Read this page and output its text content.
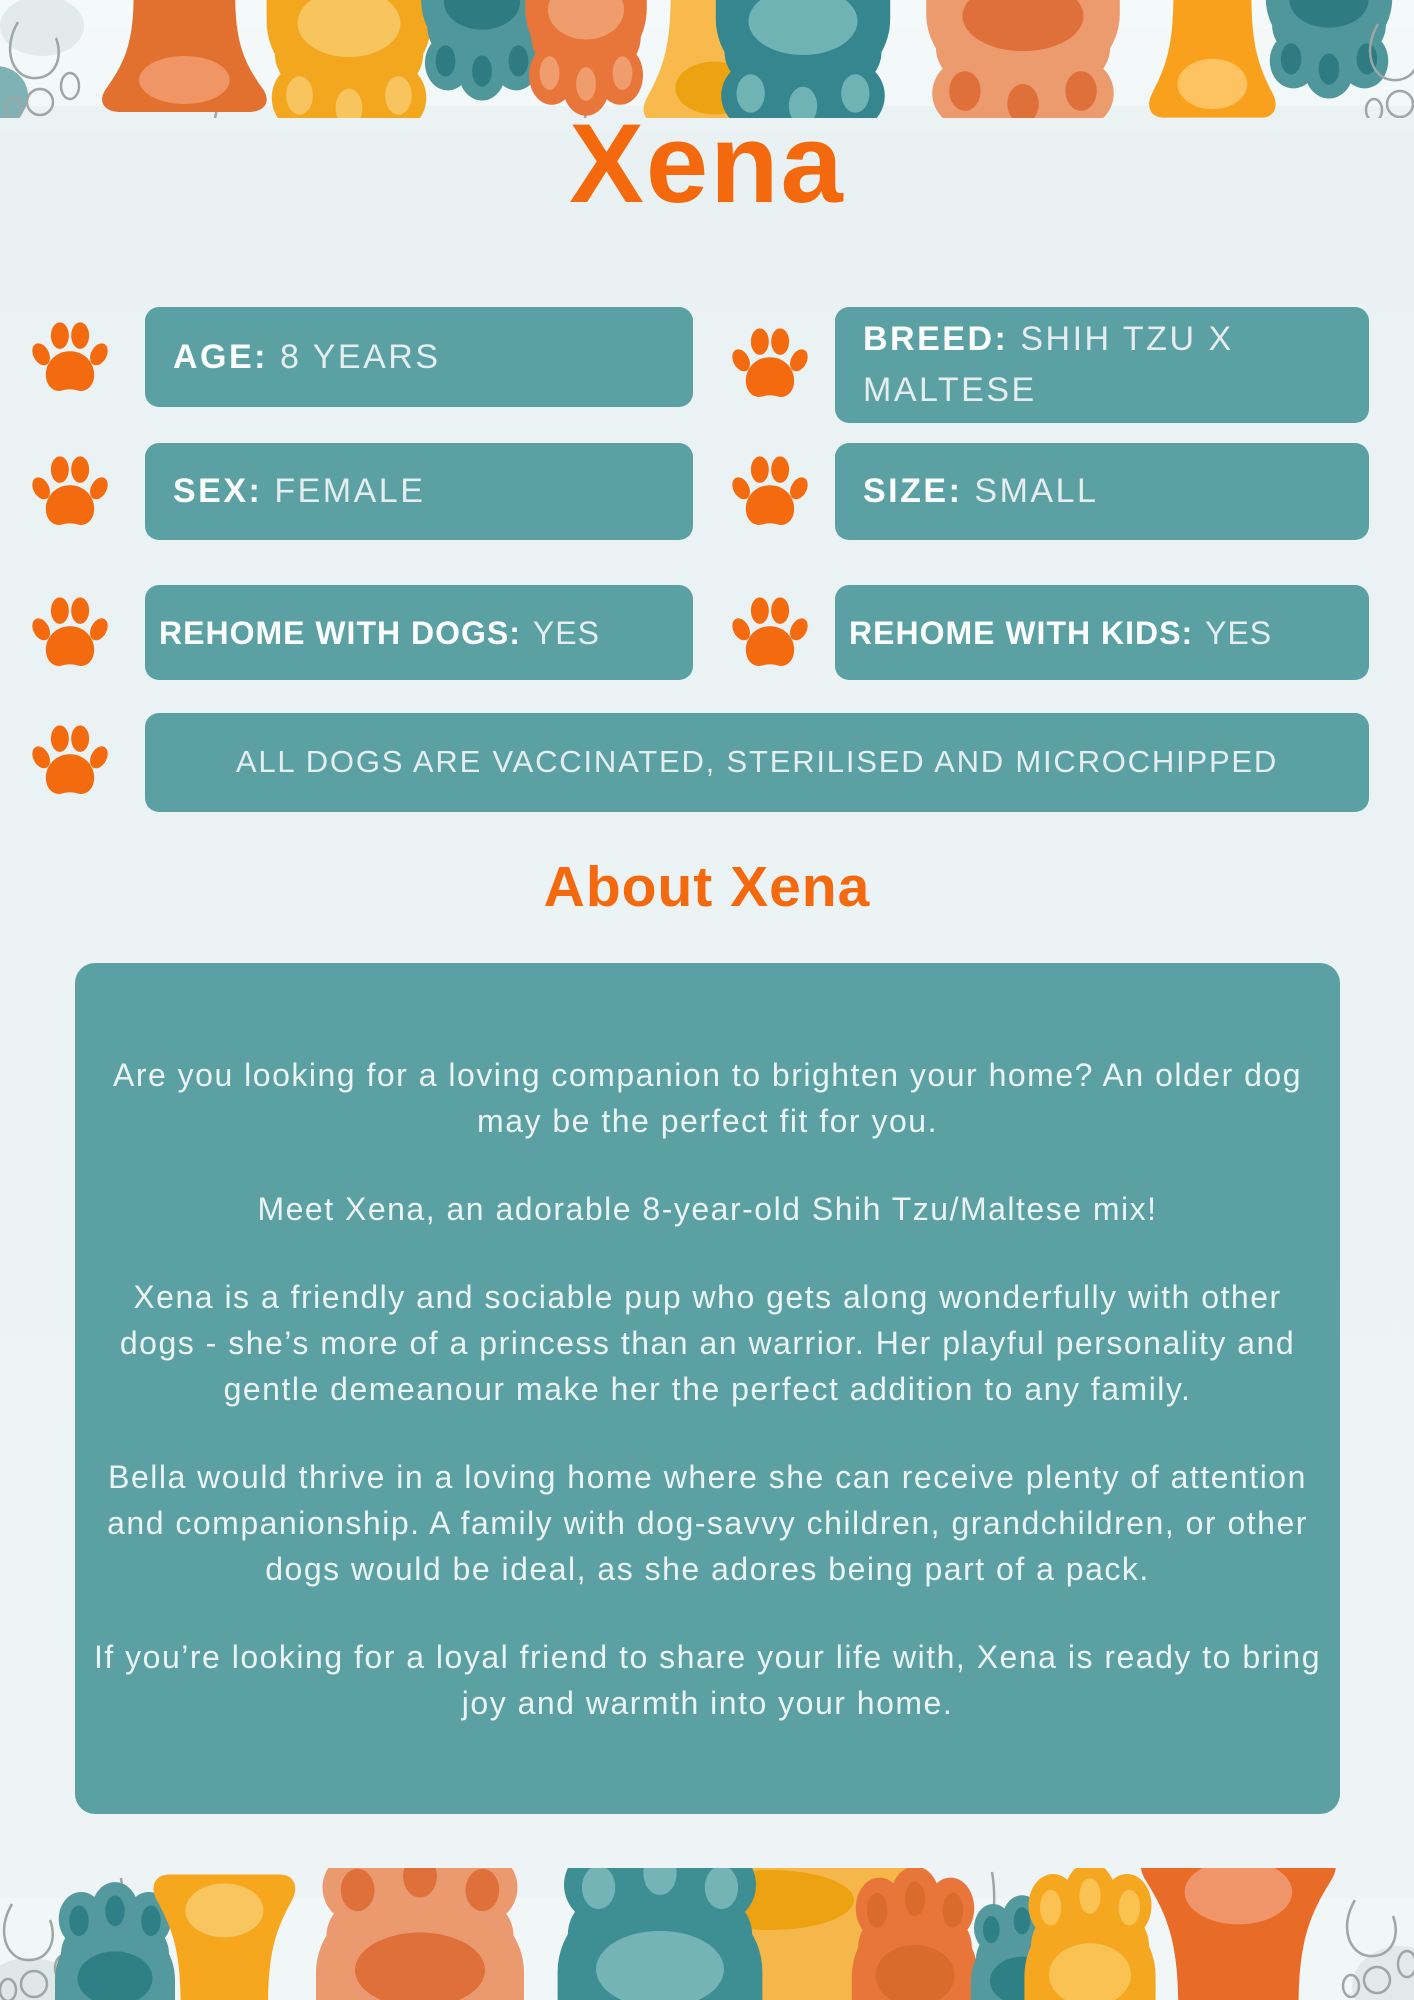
Xena
AGE: 8 YEARS	BREED: SHIH TZU X MALTESE
SEX: FEMALE	SIZE: SMALL
REHOME WITH DOGS: YES	REHOME WITH KIDS: YES
ALL DOGS ARE VACCINATED, STERILISED AND MICROCHIPPED
About Xena

Are you looking for a loving companion to brighten your home? An older dog may be the perfect fit for you.

Meet Xena, an adorable 8-year-old Shih Tzu/Maltese mix!

Xena is a friendly and sociable pup who gets along wonderfully with other dogs - she’s more of a princess than an warrior. Her playful personality and gentle demeanour make her the perfect addition to any family.

Bella would thrive in a loving home where she can receive plenty of attention and companionship. A family with dog-savvy children, grandchildren, or other dogs would be ideal, as she adores being part of a pack.

If you’re looking for a loyal friend to share your life with, Xena is ready to bring joy and warmth into your home.
